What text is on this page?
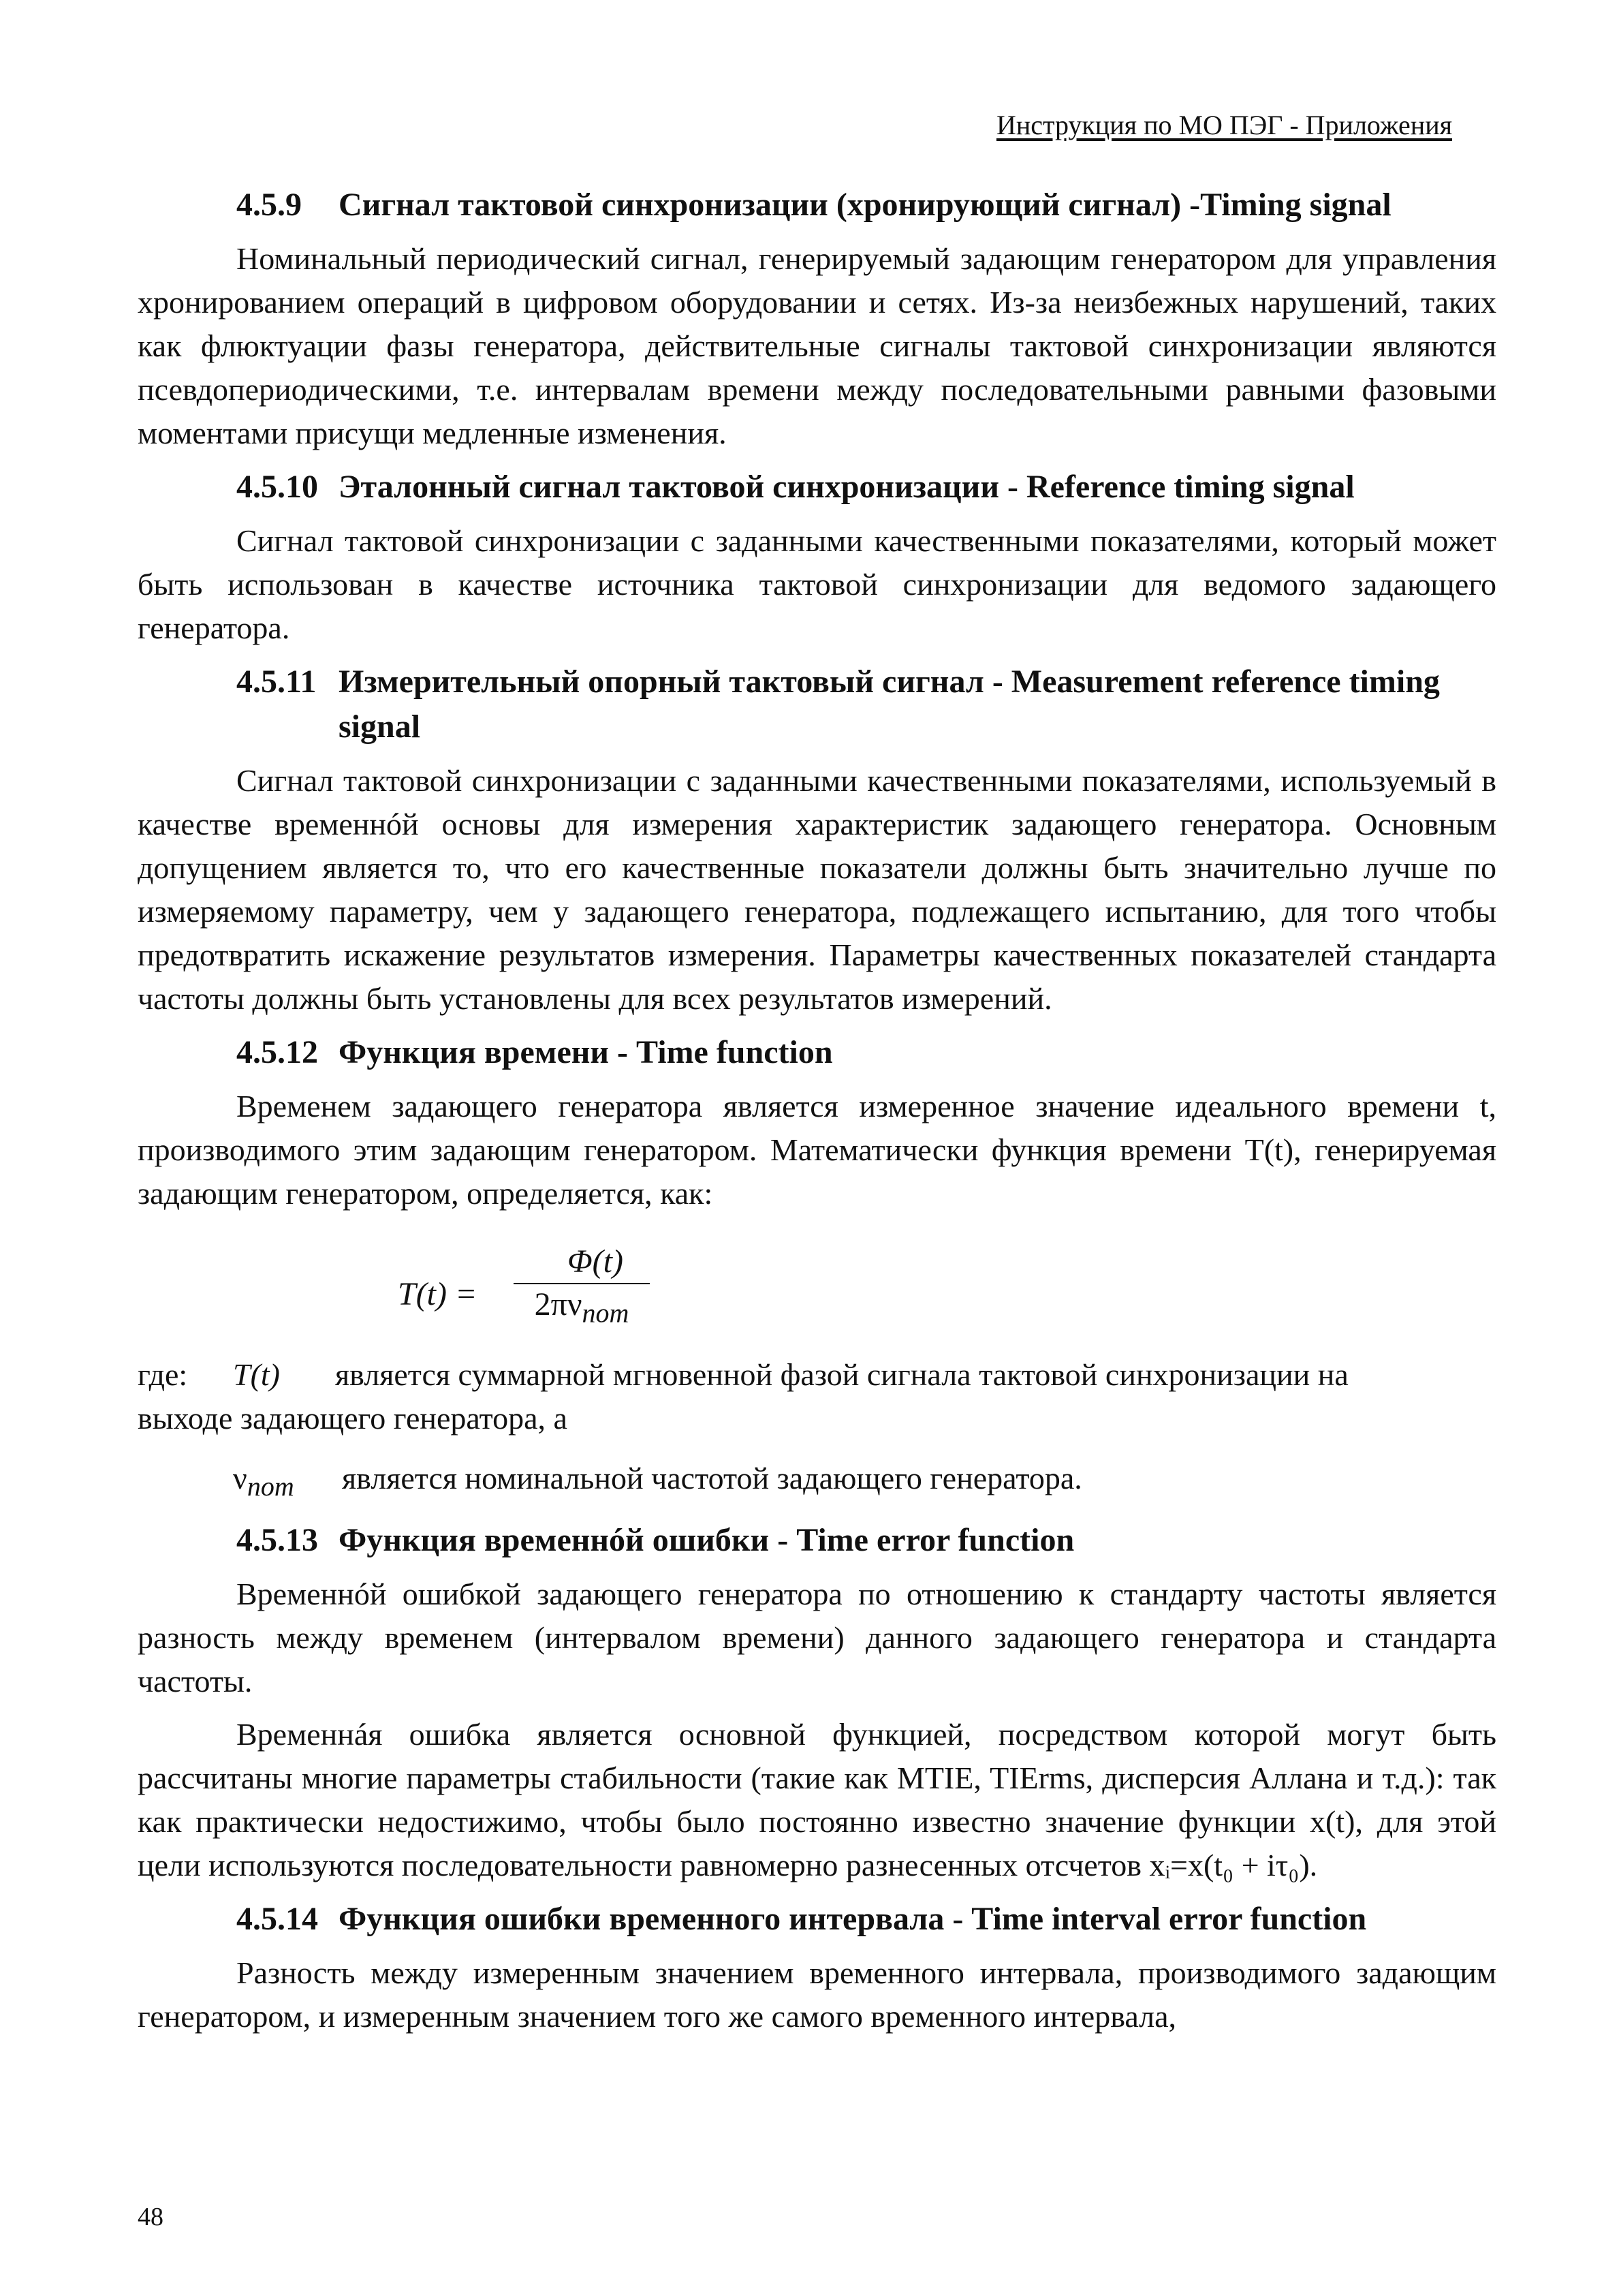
Инструкция по МО ПЭГ - Приложения
4.5.9	Сигнал тактовой синхронизации (хронирующий сигнал) -Timing signal

Номинальный периодический сигнал, генерируемый задающим генератором для управления хронированием операций в цифровом оборудовании и сетях. Из-за неизбежных нарушений, таких как флюктуации фазы генератора, действительные сигналы тактовой синхронизации являются псевдопериодическими, т.е. интервалам времени между последовательными равными фазовыми моментами присущи медленные изменения.

4.5.10 Эталонный сигнал тактовой синхронизации - Reference timing signal

Сигнал тактовой синхронизации с заданными качественными показателями, который может быть использован в качестве источника тактовой синхронизации для ведомого задающего генератора.

4.5.11 Измерительный опорный тактовый сигнал - Measurement reference timing signal

Сигнал тактовой синхронизации с заданными качественными показателями, используемый в качестве временнóй основы для измерения характеристик задающего генератора. Основным допущением является то, что его качественные показатели должны быть значительно лучше по измеряемому параметру, чем у задающего генератора, подлежащего испытанию, для того чтобы предотвратить искажение результатов измерения. Параметры качественных показателей стандарта частоты должны быть установлены для всех результатов измерений.

4.5.12 Функция времени - Time function

Временем задающего генератора является измеренное значение идеального времени t, производимого этим задающим генератором. Математически функция времени T(t), генерируемая задающим генератором, определяется, как:

T(t) =
Φ(t)
$2\pi\nu_{nom}$

где:	T(t)	является суммарной мгновенной фазой сигнала тактовой синхронизации на

выходе задающего генератора, а

$\nu_{nom}$	является номинальной частотой задающего генератора.

4.5.13 Функция временнóй ошибки - Time error function

Временнóй ошибкой задающего генератора по отношению к стандарту частоты является разность между временем (интервалом времени) данного задающего генератора и стандарта частоты.

Временнáя ошибка является основной функцией, посредством которой могут быть рассчитаны многие параметры стабильности (такие как MTIE, TIErms, дисперсия Аллана и т.д.): так как практически недостижимо, чтобы было постоянно известно значение функции x(t), для этой цели используются последовательности равномерно разнесенных отсчетов xᵢ=x(t₀ + iτ₀).

4.5.14 Функция ошибки временного интервала - Time interval error function

Разность между измеренным значением временного интервала, производимого задающим генератором, и измеренным значением того же самого временного интервала,

48
